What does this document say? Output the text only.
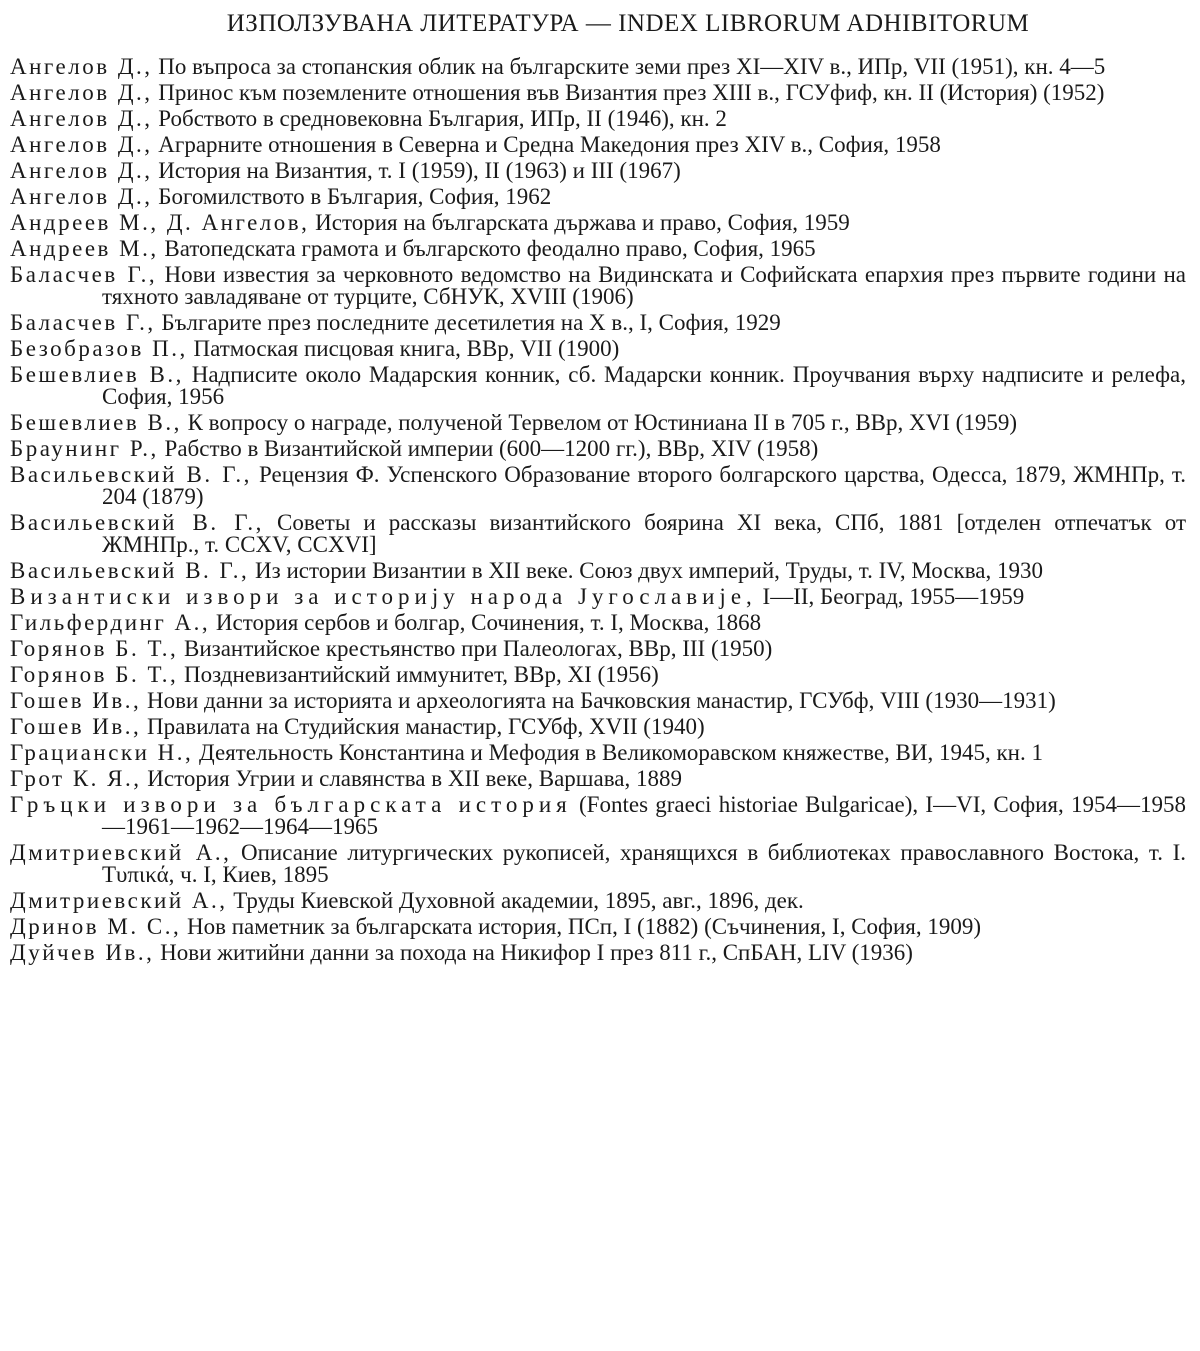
ИЗПОЛЗУВАНА ЛИТЕРАТУРА — INDEX LIBRORUM ADHIBITORUM
Ангелов Д., По въпроса за стопанския облик на българските земи през XI—XIV в., ИПр, VII (1951), кн. 4—5
Ангелов Д., Принос към поземлените отношения във Византия през XIII в., ГСУфиф, кн. II (История) (1952)
Ангелов Д., Робството в средновековна България, ИПр, II (1946), кн. 2
Ангелов Д., Аграрните отношения в Северна и Средна Македония през XIV в., София, 1958
Ангелов Д., История на Византия, т. I (1959), II (1963) и III (1967)
Ангелов Д., Богомилството в България, София, 1962
Андреев М., Д. Ангелов, История на българската държава и право, София, 1959
Андреев М., Ватопедската грамота и българското феодално право, София, 1965
Баласчев Г., Нови известия за черковното ведомство на Видинската и Софийската епархия през първите години на тяхното завладяване от турците, СбНУК, XVIII (1906)
Баласчев Г., Българите през последните десетилетия на X в., I, София, 1929
Безобразов П., Патмоская писцовая книга, ВВр, VII (1900)
Бешевлиев В., Надписите около Мадарския конник, сб. Мадарски конник. Проучвания върху надписите и релефа, София, 1956
Бешевлиев В., К вопросу о награде, полученой Тервелом от Юстиниана II в 705 г., ВВр, XVI (1959)
Браунинг Р., Рабство в Византийской империи (600—1200 гг.), ВВр, XIV (1958)
Васильевский В. Г., Рецензия Ф. Успенского Образование второго болгарского царства, Одесса, 1879, ЖМНПр, т. 204 (1879)
Васильевский В. Г., Советы и рассказы византийского боярина XI века, СПб, 1881 [отделен отпечатък от ЖМНПр., т. CCXV, CCXVI]
Васильевский В. Г., Из истории Византии в XII веке. Союз двух империй, Труды, т. IV, Москва, 1930
Византиски извори за историју народа Југославије, I—II, Београд, 1955—1959
Гильфердинг А., История сербов и болгар, Сочинения, т. I, Москва, 1868
Горянов Б. Т., Византийское крестьянство при Палеологах, ВВр, III (1950)
Горянов Б. Т., Поздневизантийский иммунитет, ВВр, XI (1956)
Гошев Ив., Нови данни за историята и археологията на Бачковския манастир, ГСУбф, VIII (1930—1931)
Гошев Ив., Правилата на Студийския манастир, ГСУбф, XVII (1940)
Грациански Н., Деятельность Константина и Мефодия в Великоморавском княжестве, ВИ, 1945, кн. 1
Грот К. Я., История Угрии и славянства в XII веке, Варшава, 1889
Гръцки извори за българската история (Fontes graeci historiae Bulgaricae), I—VI, София, 1954—1958—1961—1962—1964—1965
Дмитриевский А., Описание литургических рукописей, хранящихся в библиотеках православного Востока, т. I. Τυπικά, ч. I, Киев, 1895
Дмитриевский А., Труды Киевской Духовной академии, 1895, авг., 1896, дек.
Дринов М. С., Нов паметник за българската история, ПСп, I (1882) (Съчинения, I, София, 1909)
Дуйчев Ив., Нови житийни данни за похода на Никифор I през 811 г., СпБАН, LIV (1936)
